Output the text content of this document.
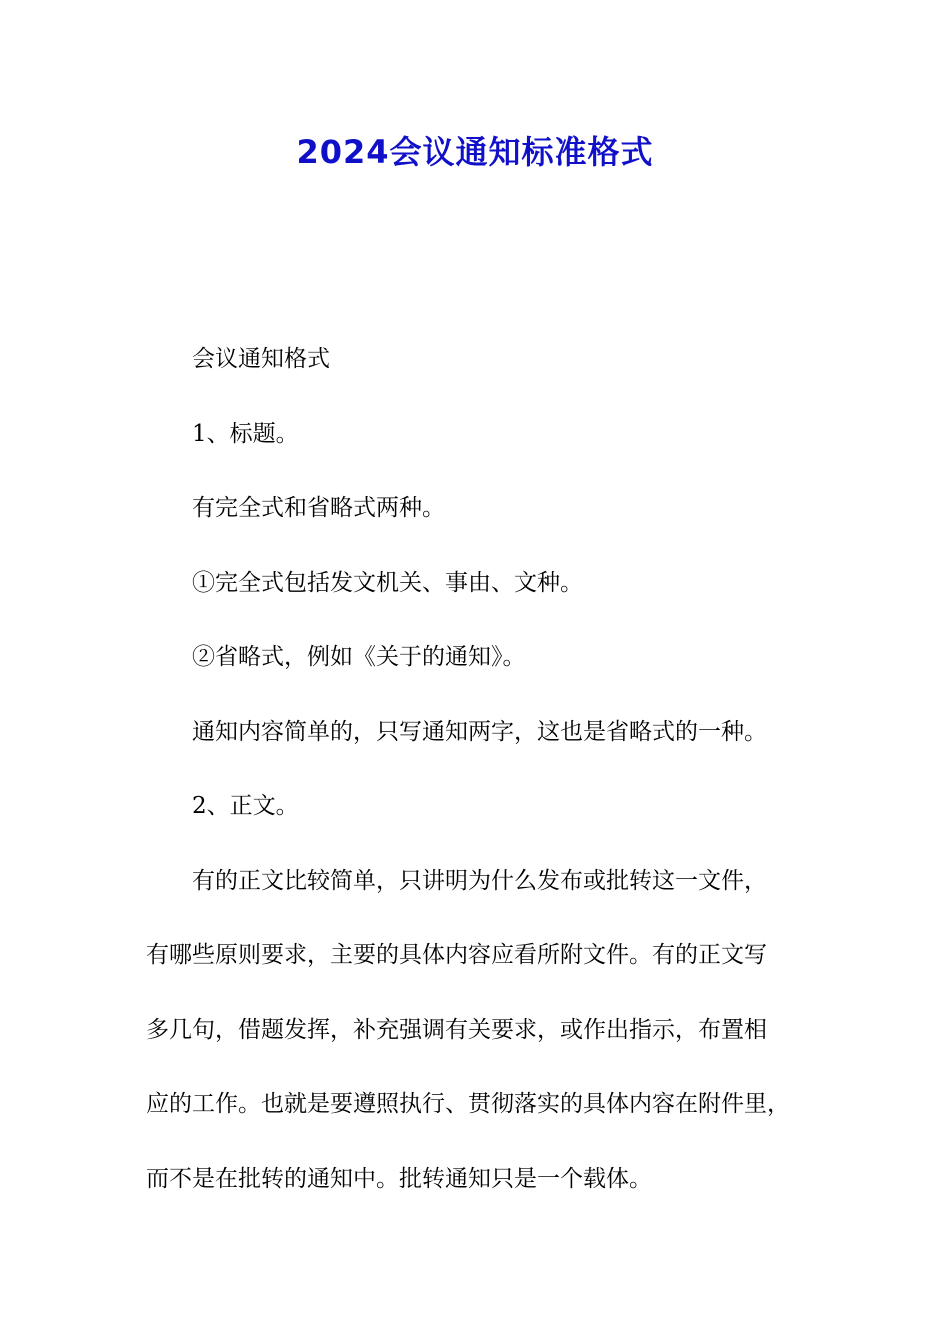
2024会议通知标准格式

会议通知格式

1、标题。

有完全式和省略式两种。

①完全式包括发文机关、事由、文种。

②省略式，例如《关于的通知》。

通知内容简单的，只写通知两字，这也是省略式的一种。

2、正文。

有的正文比较简单，只讲明为什么发布或批转这一文件，

有哪些原则要求，主要的具体内容应看所附文件。有的正文写

多几句，借题发挥，补充强调有关要求，或作出指示，布置相

应的工作。也就是要遵照执行、贯彻落实的具体内容在附件里，

而不是在批转的通知中。批转通知只是一个载体。
